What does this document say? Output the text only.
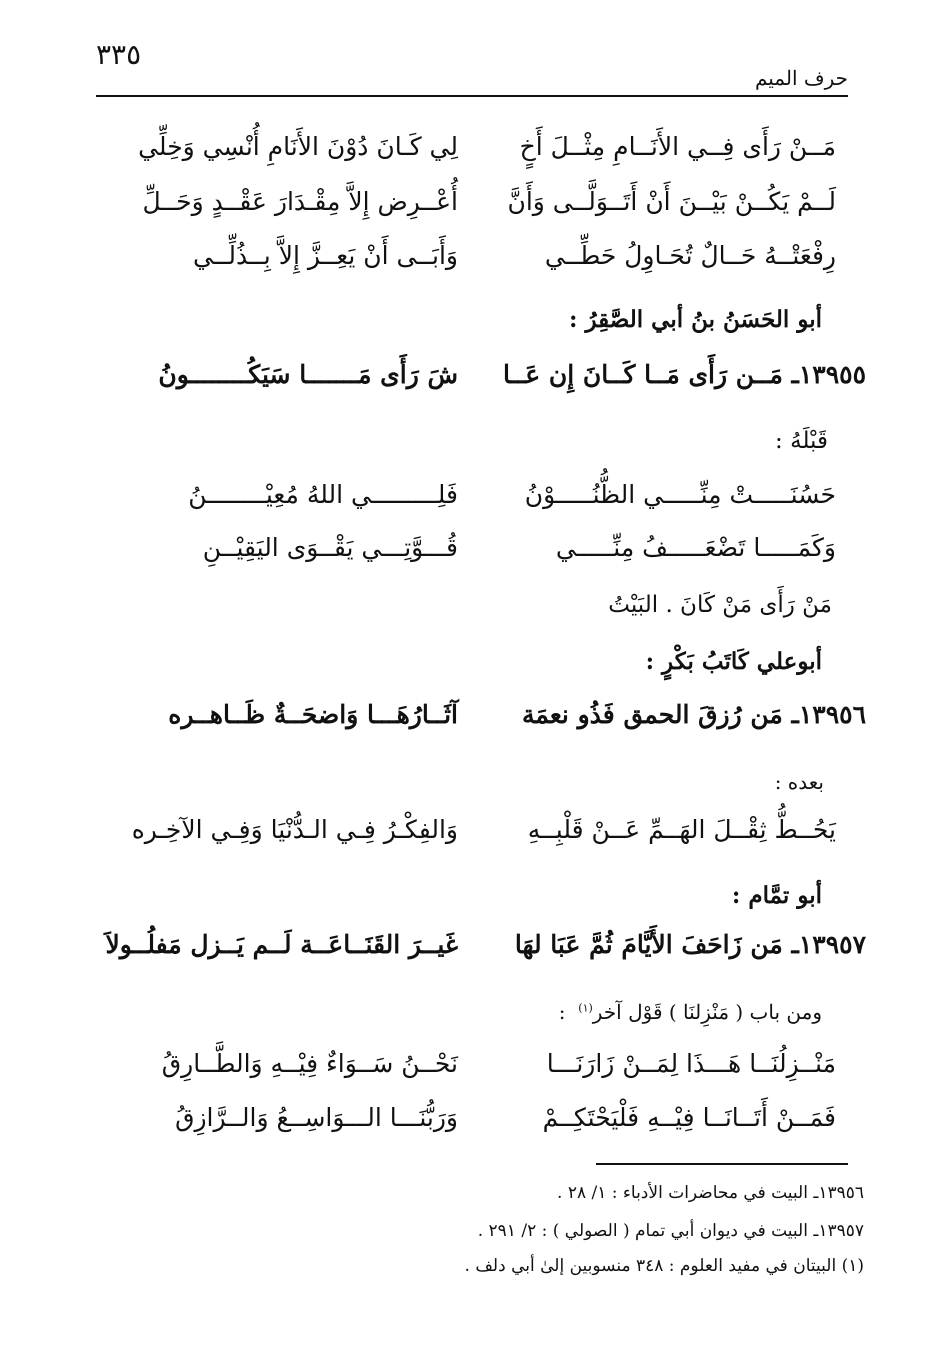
٣٣٥
حرف الميم
مَــنْ رَأَى فِــي الأَنَــامِ مِثْــلَ أَخٍ
لِي كَـانَ دُوْنَ الأَنَامِ أُنْسِي وَخِلِّي
لَــمْ يَكُــنْ بَيْــنَ أَنْ أَتَــوَلَّــى وَأَنَّ
أُعْــرِض إِلاَّ مِقْـدَارَ عَقْــدٍ وَحَــلِّ
رِفْعَتْــهُ حَــالٌ تُحَـاوِلُ حَطِّــي
وَأَبَــى أَنْ يَعِــزَّ إِلاَّ بِــذُلِّــي
أبو الحَسَنُ بنُ أبي الصَّقِرُ :
١٣٩٥٥ـ مَــن رَأَى مَــا كَــانَ إِن عَــا
شَ رَأَى مَـــــــا سَيَكُــــــــونُ
قَبْلَهُ :
حَسُنَـــــتْ مِنِّـــــي الظُّنُـــــوْنُ
فَلِـــــــــي اللهُ مُعِيْــــــــنُ
وَكَمَـــــا تَضْعَـــــفُ مِنِّـــــي
قُـــوَّتِـــي يَقْــوَى اليَقِيْــنِ
مَنْ رَأَى مَنْ كَانَ . البَيْتُ
أبوعلي كَاتَبُ بَكْرٍ :
١٣٩٥٦ـ مَن رُزقَ الحمق فَذُو نعمَة
آثَــارُهَـــا وَاضحَــةٌ ظَــاهــره
بعده :
يَحُــطُّ ثِقْــلَ الهَــمِّ عَــنْ قَلْبِــهِ
وَالفِكْـرُ فِـي الـدُّنْيَا وَفِـي الآخِـره
أبو تمَّام :
١٣٩٥٧ـ مَن زَاحَفَ الأَيَّامَ ثُمَّ عَبَا لهَا
غَيــرَ القَنَــاعَــة لَــم يَــزل مَفلُــولاَ
ومن باب ( مَنْزِلنَا ) قَوْل آخر$^{(١)}$  :
مَنْــزِلُنَــا هَـــذَا لِمَــنْ زَارَنَـــا
نَحْــنُ سَــوَاءٌ فِيْــهِ وَالطَّــارِقُ
فَمَــنْ أَتَــانَــا فِيْــهِ فَلْيَحْتَكِــمْ
وَرَبُّنَـــا الـــوَاسِــعُ وَالــرَّازِقُ
١٣٩٥٦ـ البيت في محاضرات الأدباء : ١/ ٢٨ .
١٣٩٥٧ـ البيت في ديوان أبي تمام ( الصولي ) : ٢/ ٢٩١ .
(١) البيتان في مفيد العلوم : ٣٤٨ منسوبين إلىٰ أبي دلف .
